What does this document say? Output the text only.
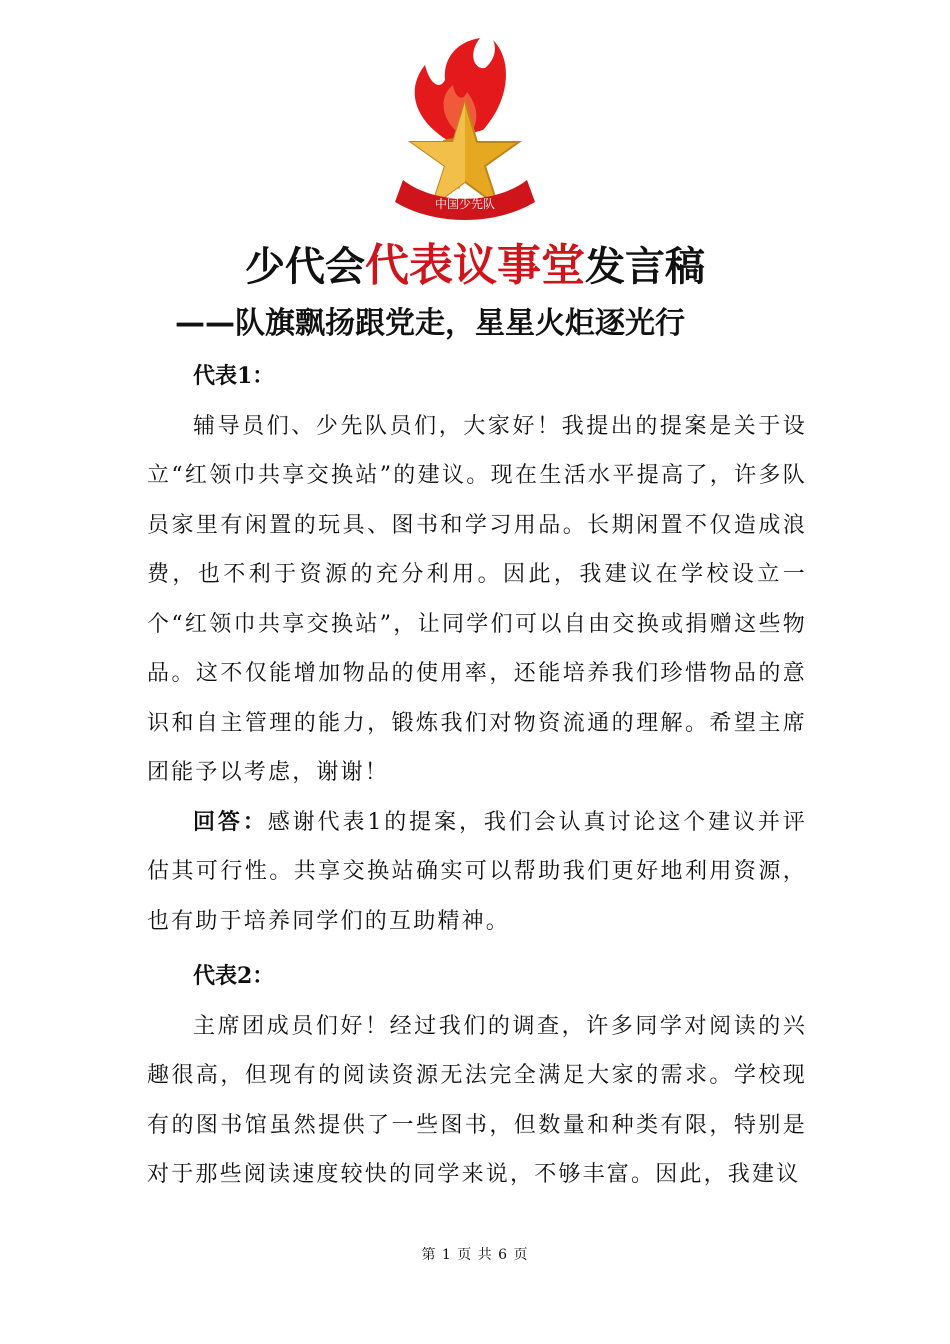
中国少先队
少代会代表议事堂发言稿
——队旗飘扬跟党走，星星火炬逐光行

代表1：

辅导员们、少先队员们，大家好！我提出的提案是关于设立“红领巾共享交换站”的建议。现在生活水平提高了，许多队员家里有闲置的玩具、图书和学习用品。长期闲置不仅造成浪费，也不利于资源的充分利用。因此，我建议在学校设立一个“红领巾共享交换站”，让同学们可以自由交换或捐赠这些物品。这不仅能增加物品的使用率，还能培养我们珍惜物品的意识和自主管理的能力，锻炼我们对物资流通的理解。希望主席团能予以考虑，谢谢！

回答：感谢代表1的提案，我们会认真讨论这个建议并评估其可行性。共享交换站确实可以帮助我们更好地利用资源，也有助于培养同学们的互助精神。

代表2：

主席团成员们好！经过我们的调查，许多同学对阅读的兴趣很高，但现有的阅读资源无法完全满足大家的需求。学校现有的图书馆虽然提供了一些图书，但数量和种类有限，特别是对于那些阅读速度较快的同学来说，不够丰富。因此，我建议

第 1 页 共 6 页
